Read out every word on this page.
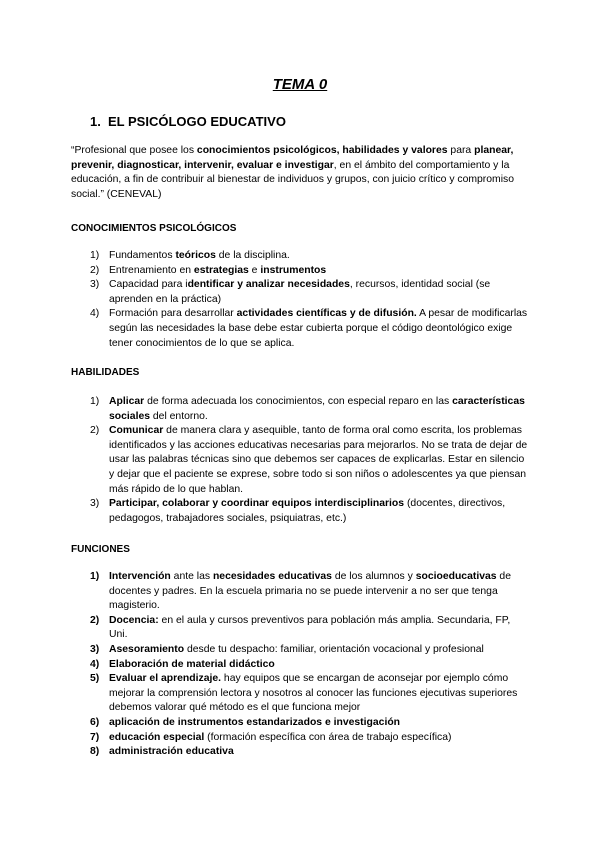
TEMA 0
1. EL PSICÓLOGO EDUCATIVO
“Profesional que posee los conocimientos psicológicos, habilidades y valores para planear, prevenir, diagnosticar, intervenir, evaluar e investigar, en el ámbito del comportamiento y la educación, a fin de contribuir al bienestar de individuos y grupos, con juicio crítico y compromiso social.” (CENEVAL)
CONOCIMIENTOS PSICOLÓGICOS
1) Fundamentos teóricos de la disciplina.
2) Entrenamiento en estrategias e instrumentos
3) Capacidad para identificar y analizar necesidades, recursos, identidad social (se aprenden en la práctica)
4) Formación para desarrollar actividades científicas y de difusión. A pesar de modificarlas según las necesidades la base debe estar cubierta porque el código deontológico exige tener conocimientos de lo que se aplica.
HABILIDADES
1) Aplicar de forma adecuada los conocimientos, con especial reparo en las características sociales del entorno.
2) Comunicar de manera clara y asequible, tanto de forma oral como escrita, los problemas identificados y las acciones educativas necesarias para mejorarlos. No se trata de dejar de usar las palabras técnicas sino que debemos ser capaces de explicarlas. Estar en silencio y dejar que el paciente se exprese, sobre todo si son niños o adolescentes ya que piensan más rápido de lo que hablan.
3) Participar, colaborar y coordinar equipos interdisciplinarios (docentes, directivos, pedagogos, trabajadores sociales, psiquiatras, etc.)
FUNCIONES
1) Intervención ante las necesidades educativas de los alumnos y socioeducativas de docentes y padres. En la escuela primaria no se puede intervenir a no ser que tenga magisterio.
2) Docencia: en el aula y cursos preventivos para población más amplia. Secundaria, FP, Uni.
3) Asesoramiento desde tu despacho: familiar, orientación vocacional y profesional
4) Elaboración de material didáctico
5) Evaluar el aprendizaje. hay equipos que se encargan de aconsejar por ejemplo cómo mejorar la comprensión lectora y nosotros al conocer las funciones ejecutivas superiores debemos valorar qué método es el que funciona mejor
6) aplicación de instrumentos estandarizados e investigación
7) educación especial (formación específica con área de trabajo específica)
8) administración educativa
